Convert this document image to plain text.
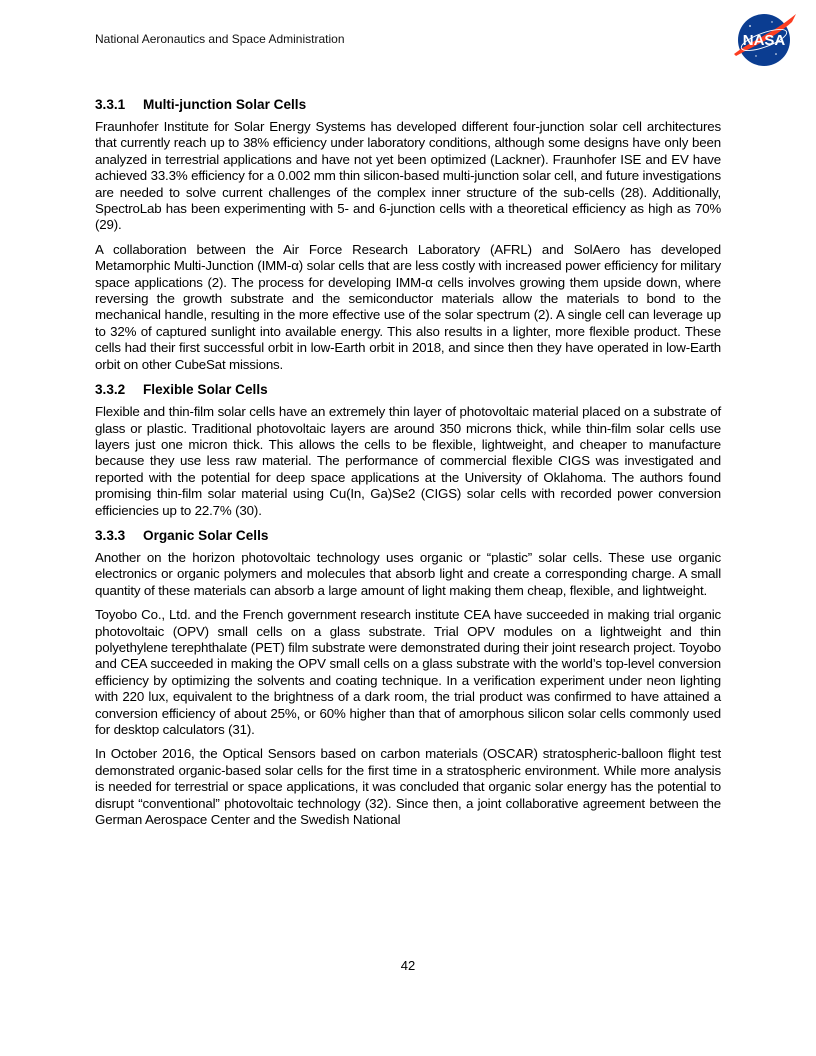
National Aeronautics and Space Administration	NASA
3.3.1	Multi-junction Solar Cells

Fraunhofer Institute for Solar Energy Systems has developed different four-junction solar cell architectures that currently reach up to 38% efficiency under laboratory conditions, although some designs have only been analyzed in terrestrial applications and have not yet been optimized (Lackner). Fraunhofer ISE and EV have achieved 33.3% efficiency for a 0.002 mm thin silicon-based multi-junction solar cell, and future investigations are needed to solve current challenges of the complex inner structure of the sub-cells (28). Additionally, SpectroLab has been experimenting with 5- and 6-junction cells with a theoretical efficiency as high as 70% (29).

A collaboration between the Air Force Research Laboratory (AFRL) and SolAero has developed Metamorphic Multi-Junction (IMM-α) solar cells that are less costly with increased power efficiency for military space applications (2). The process for developing IMM-α cells involves growing them upside down, where reversing the growth substrate and the semiconductor materials allow the materials to bond to the mechanical handle, resulting in the more effective use of the solar spectrum (2). A single cell can leverage up to 32% of captured sunlight into available energy. This also results in a lighter, more flexible product. These cells had their first successful orbit in low-Earth orbit in 2018, and since then they have operated in low-Earth orbit on other CubeSat missions.

3.3.2	Flexible Solar Cells

Flexible and thin-film solar cells have an extremely thin layer of photovoltaic material placed on a substrate of glass or plastic. Traditional photovoltaic layers are around 350 microns thick, while thin-film solar cells use layers just one micron thick. This allows the cells to be flexible, lightweight, and cheaper to manufacture because they use less raw material. The performance of commercial flexible CIGS was investigated and reported with the potential for deep space applications at the University of Oklahoma. The authors found promising thin-film solar material using Cu(In, Ga)Se2 (CIGS) solar cells with recorded power conversion efficiencies up to 22.7% (30).

3.3.3	Organic Solar Cells

Another on the horizon photovoltaic technology uses organic or “plastic” solar cells. These use organic electronics or organic polymers and molecules that absorb light and create a corresponding charge. A small quantity of these materials can absorb a large amount of light making them cheap, flexible, and lightweight.

Toyobo Co., Ltd. and the French government research institute CEA have succeeded in making trial organic photovoltaic (OPV) small cells on a glass substrate. Trial OPV modules on a lightweight and thin polyethylene terephthalate (PET) film substrate were demonstrated during their joint research project. Toyobo and CEA succeeded in making the OPV small cells on a glass substrate with the world’s top-level conversion efficiency by optimizing the solvents and coating technique. In a verification experiment under neon lighting with 220 lux, equivalent to the brightness of a dark room, the trial product was confirmed to have attained a conversion efficiency of about 25%, or 60% higher than that of amorphous silicon solar cells commonly used for desktop calculators (31).

In October 2016, the Optical Sensors based on carbon materials (OSCAR) stratospheric-balloon flight test demonstrated organic-based solar cells for the first time in a stratospheric environment. While more analysis is needed for terrestrial or space applications, it was concluded that organic solar energy has the potential to disrupt “conventional” photovoltaic technology (32). Since then, a joint collaborative agreement between the German Aerospace Center and the Swedish National

42
